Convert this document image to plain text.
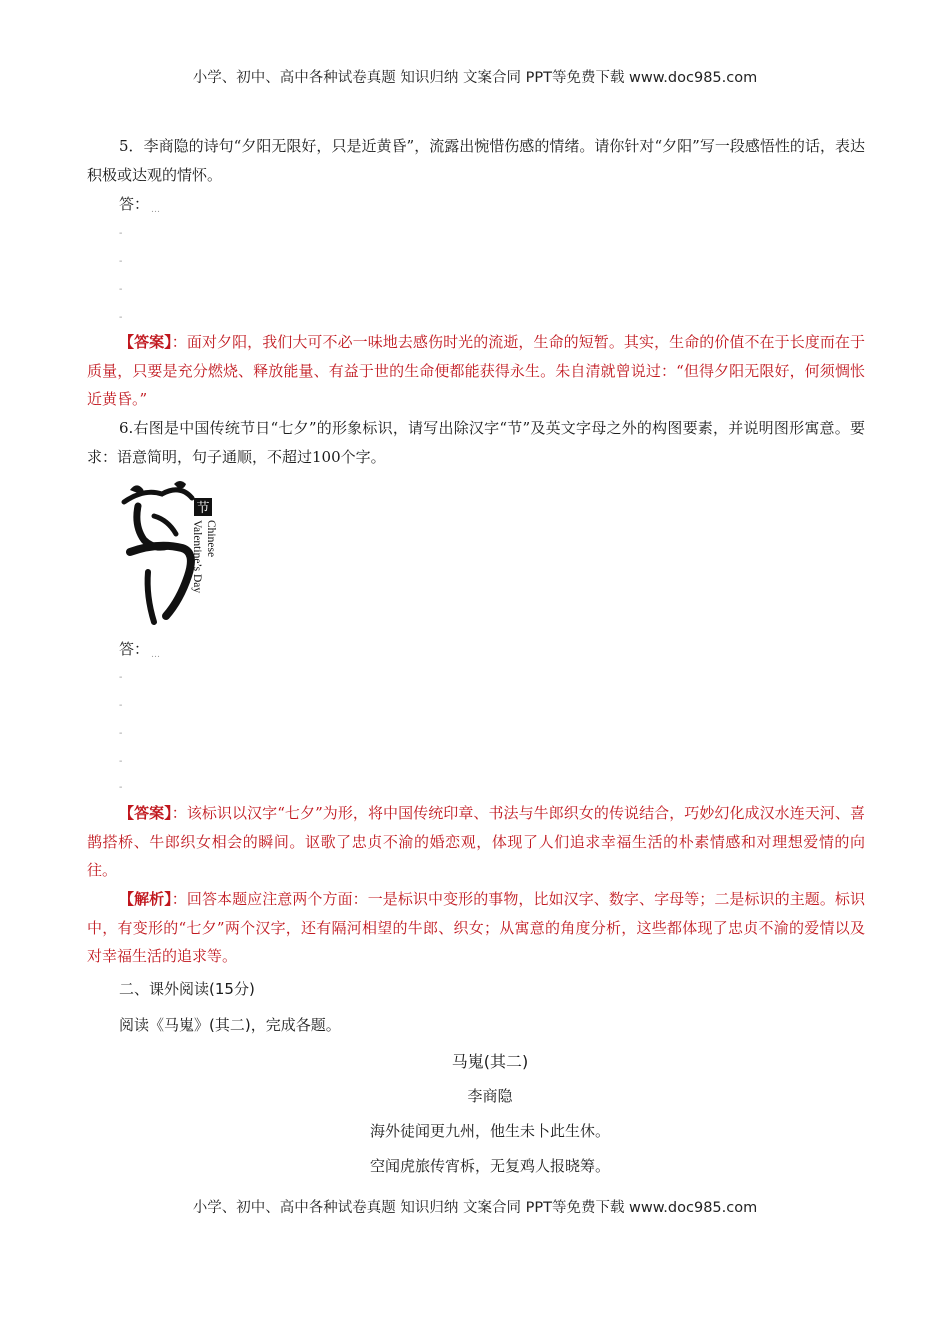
小学、初中、高中各种试卷真题 知识归纳 文案合同 PPT等免费下载 www.doc985.com
5．李商隐的诗句“夕阳无限好，只是近黄昏”，流露出惋惜伤感的情绪。请你针对“夕阳”写一段感悟性的话，表达积极或达观的情怀。
答： $_\dots$
-
-
-
-
【答案】：面对夕阳，我们大可不必一味地去感伤时光的流逝，生命的短暂。其实，生命的价值不在于长度而在于质量，只要是充分燃烧、释放能量、有益于世的生命便都能获得永生。朱自清就曾说过：“但得夕阳无限好，何须惆怅近黄昏。”
6.右图是中国传统节日“七夕”的形象标识，请写出除汉字“节”及英文字母之外的构图要素，并说明图形寓意。要求：语意简明，句子通顺，不超过100个字。
节
Chinese
Valentine’s Day
答： $_\dots$
-
-
-
-
-
【答案】：该标识以汉字“七夕”为形，将中国传统印章、书法与牛郎织女的传说结合，巧妙幻化成汉水连天河、喜鹊搭桥、牛郎织女相会的瞬间。讴歌了忠贞不渝的婚恋观，体现了人们追求幸福生活的朴素情感和对理想爱情的向往。
【解析】：回答本题应注意两个方面：一是标识中变形的事物，比如汉字、数字、字母等；二是标识的主题。标识中，有变形的“七夕”两个汉字，还有隔河相望的牛郎、织女；从寓意的角度分析，这些都体现了忠贞不渝的爱情以及对幸福生活的追求等。
二、课外阅读(15分)
阅读《马嵬》(其二)，完成各题。
马嵬(其二)
李商隐
海外徒闻更九州，他生未卜此生休。
空闻虎旅传宵柝，无复鸡人报晓筹。
小学、初中、高中各种试卷真题 知识归纳 文案合同 PPT等免费下载 www.doc985.com
